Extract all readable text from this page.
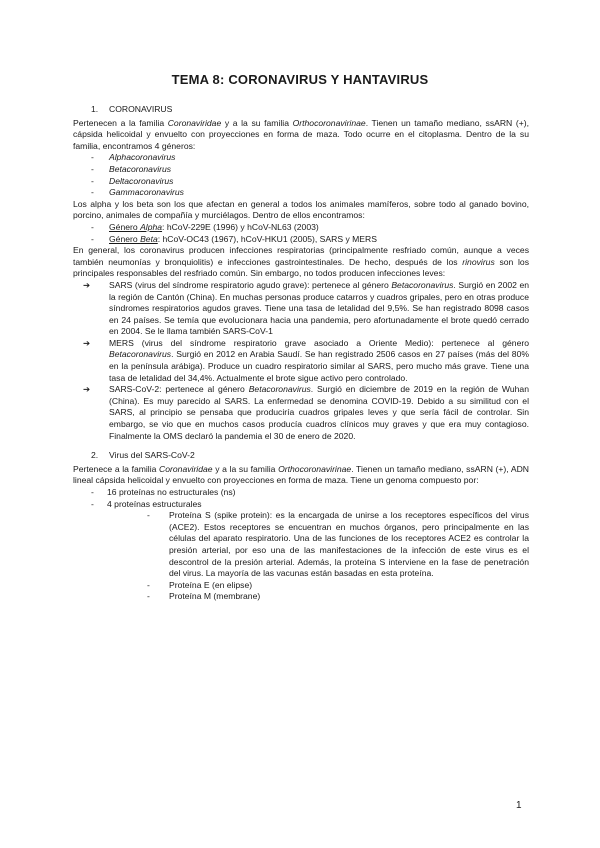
TEMA 8: CORONAVIRUS Y HANTAVIRUS
1. CORONAVIRUS

Pertenecen a la familia Coronaviridae y a la su familia Orthocoronavirinae. Tienen un tamaño mediano, ssARN (+), cápsida helicoidal y envuelto con proyecciones en forma de maza. Todo ocurre en el citoplasma. Dentro de la su familia, encontramos 4 géneros:

- Alphacoronavirus
- Betacoronavirus
- Deltacoronavirus
- Gammacoronavirus

Los alpha y los beta son los que afectan en general a todos los animales mamíferos, sobre todo al ganado bovino, porcino, animales de compañía y murciélagos. Dentro de ellos encontramos:

- Género Alpha: hCoV-229E (1996) y hCoV-NL63 (2003)
- Género Beta: hCoV-OC43 (1967), hCoV-HKU1 (2005), SARS y MERS

En general, los coronavirus producen infecciones respiratorias (principalmente resfriado común, aunque a veces también neumonías y bronquiolitis) e infecciones gastrointestinales. De hecho, después de los rinovirus son los principales responsables del resfriado común. Sin embargo, no todos producen infecciones leves:

➔ SARS (virus del síndrome respiratorio agudo grave): pertenece al género Betacoronavirus. Surgió en 2002 en la región de Cantón (China). En muchas personas produce catarros y cuadros gripales, pero en otras produce síndromes respiratorios agudos graves. Tiene una tasa de letalidad del 9,5%. Se han registrado 8098 casos en 24 países. Se temía que evolucionara hacia una pandemia, pero afortunadamente el brote quedó cerrado en 2004. Se le llama también SARS-CoV-1
➔ MERS (virus del síndrome respiratorio grave asociado a Oriente Medio): pertenece al género Betacoronavirus. Surgió en 2012 en Arabia Saudí. Se han registrado 2506 casos en 27 países (más del 80% en la península arábiga). Produce un cuadro respiratorio similar al SARS, pero mucho más grave. Tiene una tasa de letalidad del 34,4%. Actualmente el brote sigue activo pero controlado.
➔ SARS-CoV-2: pertenece al género Betacoronavirus. Surgió en diciembre de 2019 en la región de Wuhan (China). Es muy parecido al SARS. La enfermedad se denomina COVID-19. Debido a su similitud con el SARS, al principio se pensaba que produciría cuadros gripales leves y que sería fácil de controlar. Sin embargo, se vio que en muchos casos producía cuadros clínicos muy graves y que era muy contagioso. Finalmente la OMS declaró la pandemia el 30 de enero de 2020.
2. Virus del SARS-CoV-2

Pertenece a la familia Coronaviridae y a la su familia Orthocoronavirinae. Tienen un tamaño mediano, ssARN (+), ADN lineal cápsida helicoidal y envuelto con proyecciones en forma de maza. Tiene un genoma compuesto por:

- 16 proteínas no estructurales (ns)
- 4 proteínas estructurales
- Proteína S (spike protein): es la encargada de unirse a los receptores específicos del virus (ACE2). Estos receptores se encuentran en muchos órganos, pero principalmente en las células del aparato respiratorio. Una de las funciones de los receptores ACE2 es controlar la presión arterial, por eso una de las manifestaciones de la infección de este virus es el descontrol de la presión arterial. Además, la proteína S interviene en la fase de penetración del virus. La mayoría de las vacunas están basadas en esta proteína.
- Proteína E (en elipse)
- Proteína M (membrane)
1
